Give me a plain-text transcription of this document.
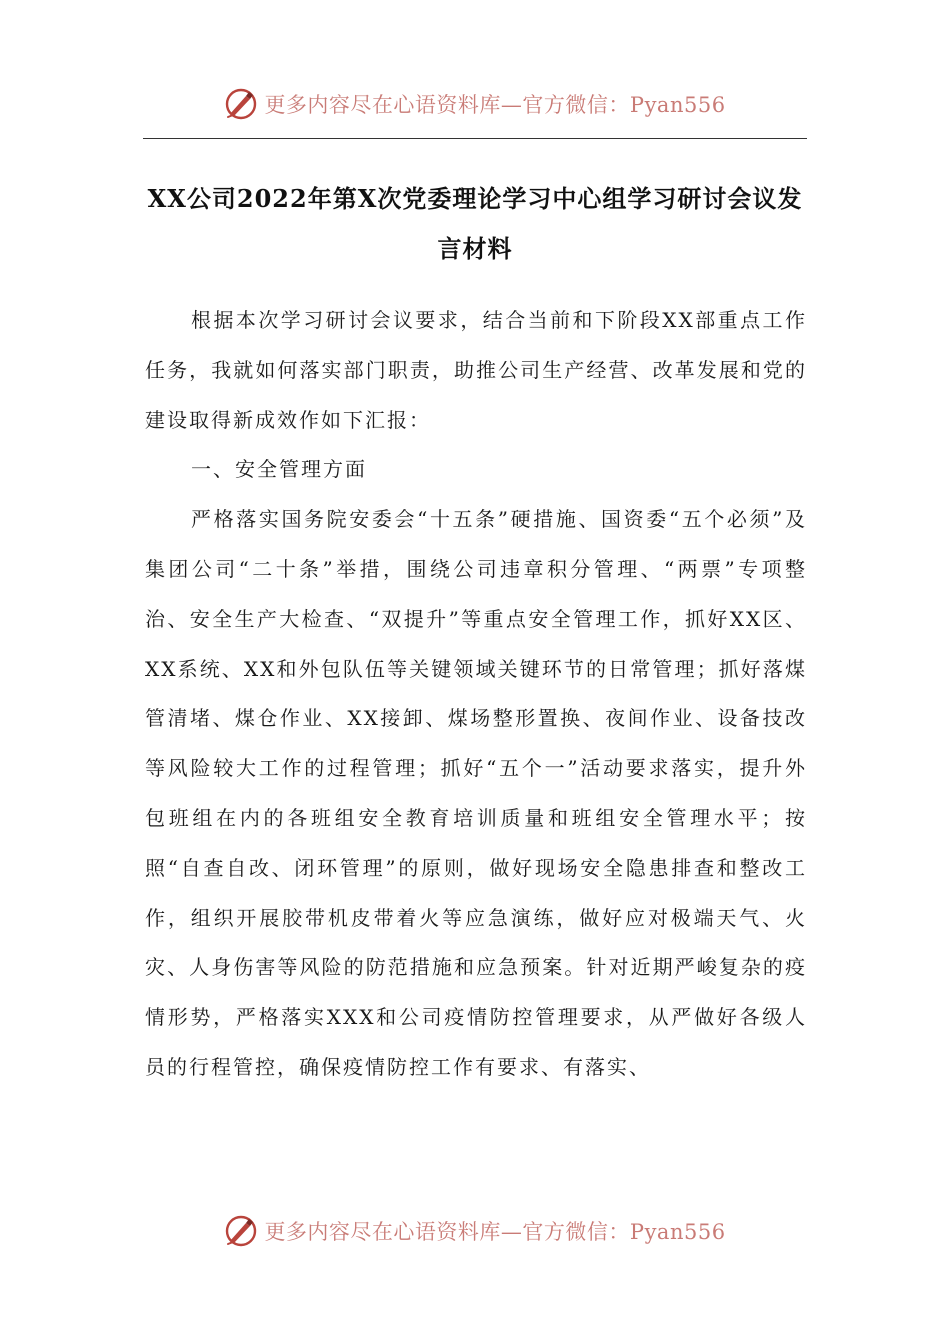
更多内容尽在心语资料库—官方微信：Pyan556
XX公司2022年第X次党委理论学习中心组学习研讨会议发言材料

根据本次学习研讨会议要求，结合当前和下阶段XX部重点工作任务，我就如何落实部门职责，助推公司生产经营、改革发展和党的建设取得新成效作如下汇报：

一、安全管理方面

严格落实国务院安委会“十五条”硬措施、国资委“五个必须”及集团公司“二十条”举措，围绕公司违章积分管理、“两票”专项整治、安全生产大检查、“双提升”等重点安全管理工作，抓好XX区、XX系统、XX和外包队伍等关键领域关键环节的日常管理；抓好落煤管清堵、煤仓作业、XX接卸、煤场整形置换、夜间作业、设备技改等风险较大工作的过程管理；抓好“五个一”活动要求落实，提升外包班组在内的各班组安全教育培训质量和班组安全管理水平；按照“自查自改、闭环管理”的原则，做好现场安全隐患排查和整改工作，组织开展胶带机皮带着火等应急演练，做好应对极端天气、火灾、人身伤害等风险的防范措施和应急预案。针对近期严峻复杂的疫情形势，严格落实XXX和公司疫情防控管理要求，从严做好各级人员的行程管控，确保疫情防控工作有要求、有落实、

更多内容尽在心语资料库—官方微信：Pyan556
